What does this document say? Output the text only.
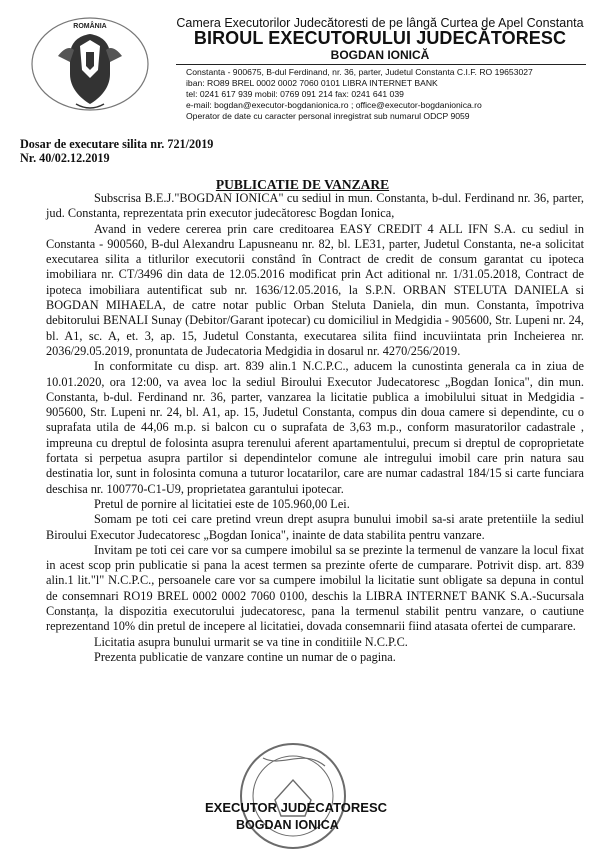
ROMÂNIA	Camera Executorilor Judecătoresti de pe lângă Curtea de Apel Constanta
BIROUL EXECUTORULUI JUDECĂTORESC
BOGDAN IONICĂ
Constanta - 900675, B-dul Ferdinand, nr. 36, parter, Judetul Constanta C.I.F. RO 19653027
iban: RO89 BREL 0002 0002 7060 0101 LIBRA INTERNET BANK
tel: 0241 617 939 mobil: 0769 091 214 fax: 0241 641 039
e-mail: bogdan@executor-bogdanionica.ro ; office@executor-bogdanionica.ro
Operator de date cu caracter personal inregistrat sub numarul ODCP 9059
Dosar de executare silita nr. 721/2019
Nr. 40/02.12.2019
PUBLICATIE DE VANZARE

Subscrisa B.E.J."BOGDAN IONICA" cu sediul in mun. Constanta, b-dul. Ferdinand nr. 36, parter, jud. Constanta, reprezentata prin executor judecătoresc Bogdan Ionica,

Avand in vedere cererea prin care creditoarea EASY CREDIT 4 ALL IFN S.A. cu sediul in Constanta - 900560, B-dul Alexandru Lapusneanu nr. 82, bl. LE31, parter, Judetul Constanta, ne-a solicitat executarea silita a titlurilor executorii constând în Contract de credit de consum garantat cu ipoteca imobiliara nr. CT/3496 din data de 12.05.2016 modificat prin Act aditional nr. 1/31.05.2018, Contract de ipoteca imobiliara autentificat sub nr. 1636/12.05.2016, la S.P.N. ORBAN STELUTA DANIELA si BOGDAN MIHAELA, de catre notar public Orban Steluta Daniela, din mun. Constanta, împotriva debitorului BENALI Sunay (Debitor/Garant ipotecar) cu domiciliul in Medgidia - 905600, Str. Lupeni nr. 24, bl. A1, sc. A, et. 3, ap. 15, Judetul Constanta, executarea silita fiind incuviintata prin Incheierea nr. 2036/29.05.2019, pronuntata de Judecatoria Medgidia in dosarul nr. 4270/256/2019.

In conformitate cu disp. art. 839 alin.1 N.C.P.C., aducem la cunostinta generala ca in ziua de 10.01.2020, ora 12:00, va avea loc la sediul Biroului Executor Judecatoresc „Bogdan Ionica", din mun. Constanta, b-dul. Ferdinand nr. 36, parter, vanzarea la licitatie publica a imobilului situat in Medgidia - 905600, Str. Lupeni nr. 24, bl. A1, ap. 15, Judetul Constanta, compus din doua camere si dependinte, cu o suprafata utila de 44,06 m.p. si balcon cu o suprafata de 3,63 m.p., conform masuratorilor cadastrale , impreuna cu dreptul de folosinta asupra terenului aferent apartamentului, precum si dreptul de coproprietate fortata si perpetua asupra partilor si dependintelor comune ale intregului imobil care prin natura sau destinatia lor, sunt in folosinta comuna a tuturor locatarilor, care are numar cadastral 184/15 si carte funciara deschisa nr. 100770-C1-U9, proprietatea garantului ipotecar.

Pretul de pornire al licitatiei este de 105.960,00 Lei.

Somam pe toti cei care pretind vreun drept asupra bunului imobil sa-si arate pretentiile la sediul Biroului Executor Judecatoresc „Bogdan Ionica", inainte de data stabilita pentru vanzare.

Invitam pe toti cei care vor sa cumpere imobilul sa se prezinte la termenul de vanzare la locul fixat in acest scop prin publicatie si pana la acest termen sa prezinte oferte de cumparare. Potrivit disp. art. 839 alin.1 lit."l" N.C.P.C., persoanele care vor sa cumpere imobilul la licitatie sunt obligate sa depuna in contul de consemnari RO19 BREL 0002 0002 7060 0100, deschis la LIBRA INTERNET BANK S.A.-Sucursala Constanța, la dispozitia executorului judecatoresc, pana la termenul stabilit pentru vanzare, o cautiune reprezentand 10% din pretul de incepere al licitatiei, dovada consemnarii fiind atasata ofertei de cumparare.

Licitatia asupra bunului urmarit se va tine in conditiile N.C.P.C.

Prezenta publicatie de vanzare contine un numar de o pagina.

EXECUTOR JUDECATORESC
BOGDAN IONICA
